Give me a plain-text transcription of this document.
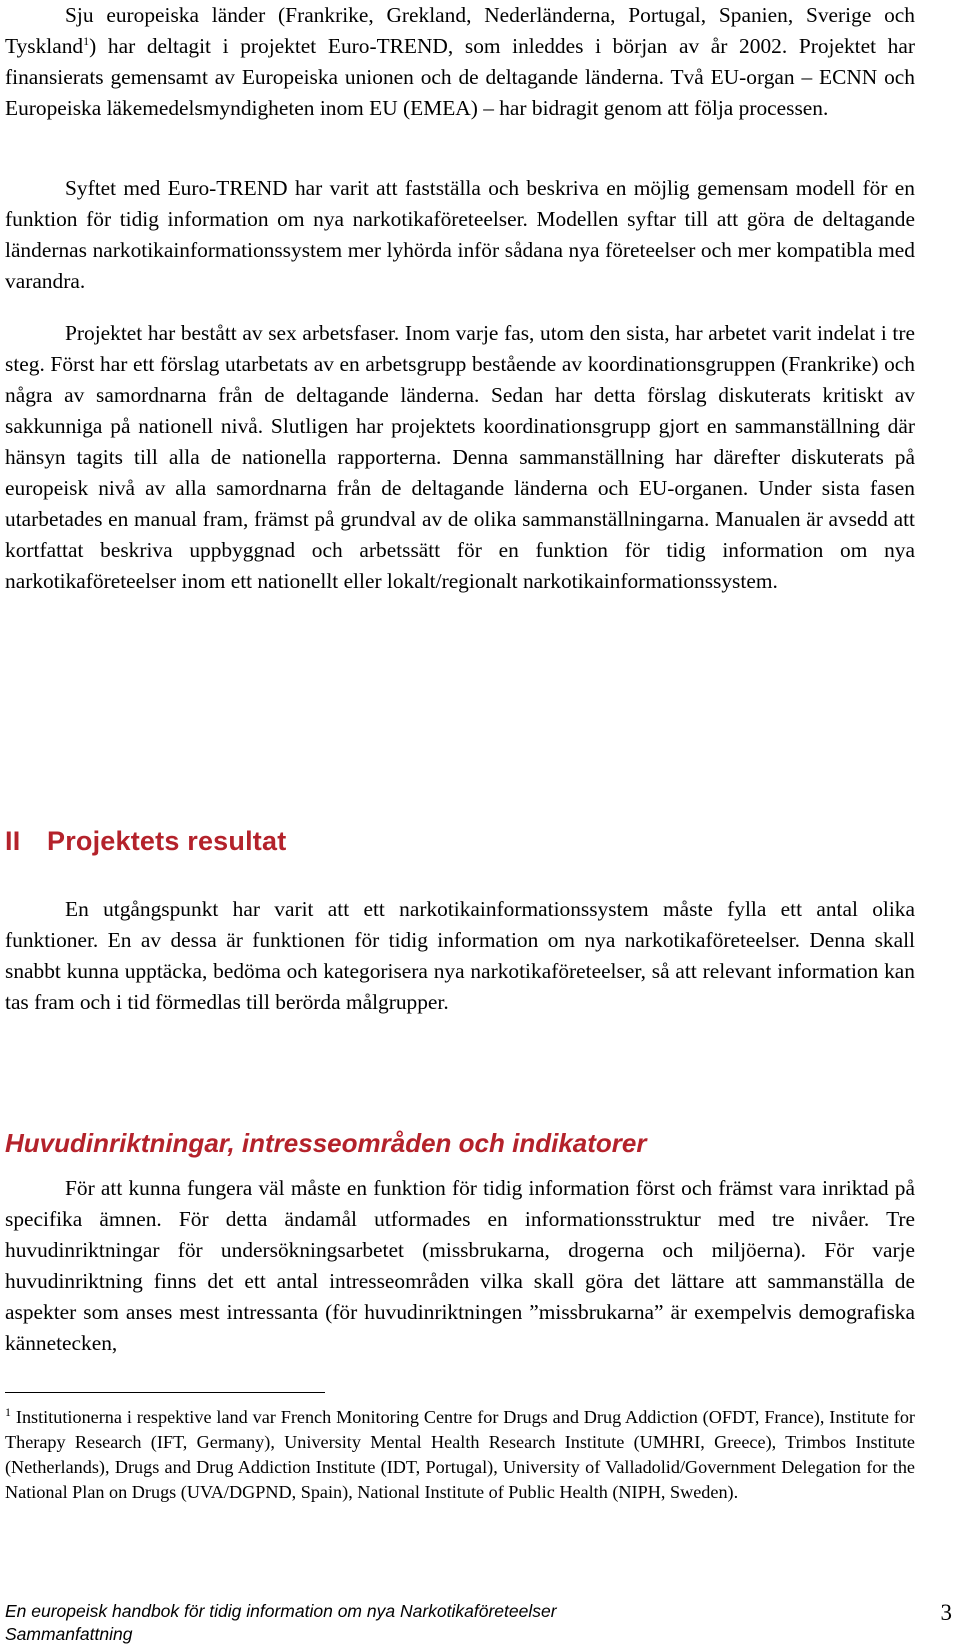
Sju europeiska länder (Frankrike, Grekland, Nederländerna, Portugal, Spanien, Sverige och Tyskland$^1$) har deltagit i projektet Euro-TREND, som inleddes i början av år 2002. Projektet har finansierats gemensamt av Europeiska unionen och de deltagande länderna. Två EU-organ – ECNN och Europeiska läkemedelsmyndigheten inom EU (EMEA) – har bidragit genom att följa processen.

Syftet med Euro-TREND har varit att fastställa och beskriva en möjlig gemensam modell för en funktion för tidig information om nya narkotikaföreteelser. Modellen syftar till att göra de deltagande ländernas narkotikainformationssystem mer lyhörda inför sådana nya företeelser och mer kompatibla med varandra.

Projektet har bestått av sex arbetsfaser. Inom varje fas, utom den sista, har arbetet varit indelat i tre steg. Först har ett förslag utarbetats av en arbetsgrupp bestående av koordinationsgruppen (Frankrike) och några av samordnarna från de deltagande länderna. Sedan har detta förslag diskuterats kritiskt av sakkunniga på nationell nivå. Slutligen har projektets koordinationsgrupp gjort en sammanställning där hänsyn tagits till alla de nationella rapporterna. Denna sammanställning har därefter diskuterats på europeisk nivå av alla samordnarna från de deltagande länderna och EU-organen. Under sista fasen utarbetades en manual fram, främst på grundval av de olika sammanställningarna. Manualen är avsedd att kortfattat beskriva uppbyggnad och arbetssätt för en funktion för tidig information om nya narkotikaföreteelser inom ett nationellt eller lokalt/regionalt narkotikainformationssystem.

II Projektets resultat

En utgångspunkt har varit att ett narkotikainformationssystem måste fylla ett antal olika funktioner. En av dessa är funktionen för tidig information om nya narkotikaföreteelser. Denna skall snabbt kunna upptäcka, bedöma och kategorisera nya narkotikaföreteelser, så att relevant information kan tas fram och i tid förmedlas till berörda målgrupper.

Huvudinriktningar, intresseområden och indikatorer

För att kunna fungera väl måste en funktion för tidig information först och främst vara inriktad på specifika ämnen. För detta ändamål utformades en informationsstruktur med tre nivåer. Tre huvudinriktningar för undersökningsarbetet (missbrukarna, drogerna och miljöerna). För varje huvudinriktning finns det ett antal intresseområden vilka skall göra det lättare att sammanställa de aspekter som anses mest intressanta (för huvudinriktningen ”missbrukarna” är exempelvis demografiska kännetecken,

$^1$ Institutionerna i respektive land var French Monitoring Centre for Drugs and Drug Addiction (OFDT, France), Institute for Therapy Research (IFT, Germany), University Mental Health Research Institute (UMHRI, Greece), Trimbos Institute (Netherlands), Drugs and Drug Addiction Institute (IDT, Portugal), University of Valladolid/Government Delegation for the National Plan on Drugs (UVA/DGPND, Spain), National Institute of Public Health (NIPH, Sweden).
En europeisk handbok för tidig information om nya Narkotikaföreteelser
Sammanfattning
3
